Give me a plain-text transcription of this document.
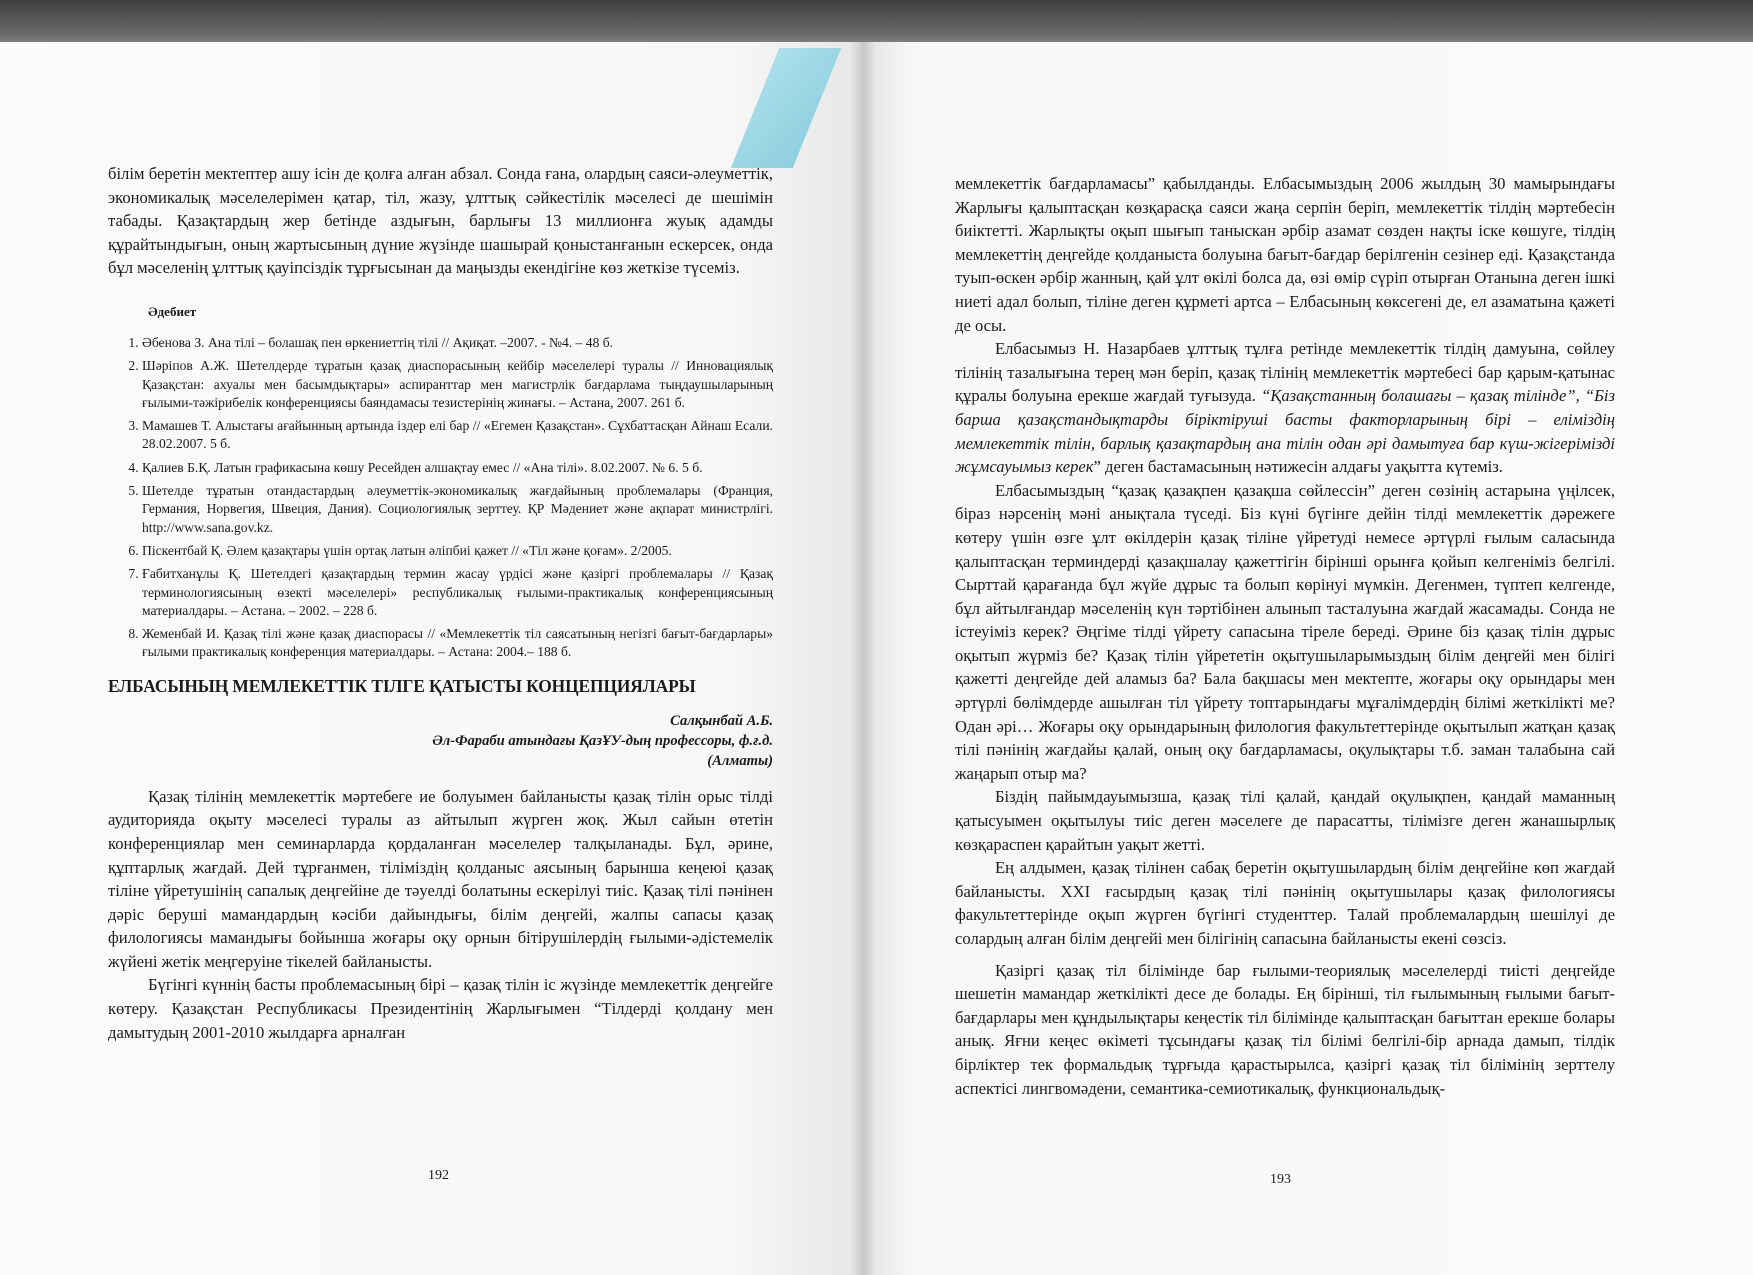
білім беретін мектептер ашу ісін де қолға алған абзал. Сонда ғана, олардың саяси-әлеуметтік, экономикалық мәселелерімен қатар, тіл, жазу, ұлттық сәйкестілік мәселесі де шешімін табады. Қазақтардың жер бетінде аздығын, барлығы 13 миллионға жуық адамды құрайтындығын, оның жартысының дүние жүзінде шашырай қоныстанғанын ескерсек, онда бұл мәселенің ұлттық қауіпсіздік тұрғысынан да маңызды екендігіне көз жеткізе түсеміз.

Әдебиет
1. Әбенова З. Ана тілі – болашақ пен өркениеттің тілі // Ақиқат. –2007. - №4. – 48 б.
2. Шәріпов А.Ж. Шетелдерде тұратын қазақ диаспорасының кейбір мәселелері туралы // Инновациялық Қазақстан: ахуалы мен басымдықтары» аспиранттар мен магистрлік бағдарлама тыңдаушыларының ғылыми-тәжірибелік конференциясы баяндамасы тезистерінің жинағы. – Астана, 2007. 261 б.
3. Мамашев Т. Алыстағы ағайынның артында іздер елі бар // «Егемен Қазақстан». Сұхбаттасқан Айнаш Есали. 28.02.2007. 5 б.
4. Қалиев Б.Қ. Латын графикасына көшу Ресейден алшақтау емес // «Ана тілі». 8.02.2007. № 6. 5 б.
5. Шетелде тұратын отандастардың әлеуметтік-экономикалық жағдайының проблемалары (Франция, Германия, Норвегия, Швеция, Дания). Социологиялық зерттеу. ҚР Мәдениет және ақпарат министрлігі. http://www.sana.gov.kz.
6. Піскентбай Қ. Әлем қазақтары үшін ортақ латын әліпбиі қажет // «Тіл және қоғам». 2/2005.
7. Ғабитханұлы Қ. Шетелдегі қазақтардың термин жасау үрдісі және қазіргі проблемалары // Қазақ терминологиясының өзекті мәселелері» республикалық ғылыми-практикалық конференциясының материалдары. – Астана. – 2002. – 228 б.
8. Жеменбай И. Қазақ тілі және қазақ диаспорасы // «Мемлекеттік тіл саясатының негізгі бағыт-бағдарлары» ғылыми практикалық конференция материалдары. – Астана: 2004.– 188 б.
ЕЛБАСЫНЫҢ МЕМЛЕКЕТТІК ТІЛГЕ ҚАТЫСТЫ КОНЦЕПЦИЯЛАРЫ
Салқынбай А.Б.
Әл-Фараби атындағы ҚазҰУ-дың профессоры, ф.ғ.д.
(Алматы)

Қазақ тілінің мемлекеттік мәртебеге ие болуымен байланысты қазақ тілін орыс тілді аудиторияда оқыту мәселесі туралы аз айтылып жүрген жоқ. Жыл сайын өтетін конференциялар мен семинарларда қордаланған мәселелер талқыланады. Бұл, әрине, құптарлық жағдай. Дей тұрғанмен, тіліміздің қолданыс аясының барынша кеңеюі қазақ тіліне үйретушінің сапалық деңгейіне де тәуелді болатыны ескерілуі тиіс. Қазақ тілі пәнінен дәріс берушi мамандардың кәсіби дайындығы, білім деңгейі, жалпы сапасы қазақ филологиясы мамандығы бойынша жоғары оқу орнын бітірушілердің ғылыми-әдістемелік жүйені жетік меңгеруіне тікелей байланысты.

Бүгінгі күннің басты проблемасының бірі – қазақ тілін іс жүзінде мемлекеттік деңгейге көтеру. Қазақстан Республикасы Президентінің Жарлығымен “Тілдерді қолдану мен дамытудың 2001-2010 жылдарға арналған

192

мемлекеттік бағдарламасы” қабылданды. Елбасымыздың 2006 жылдың 30 мамырындағы Жарлығы қалыптасқан көзқарасқа саяси жаңа серпін беріп, мемлекеттік тілдің мәртебесін биіктетті. Жарлықты оқып шығып таныскан әрбір азамат сөзден нақты іске көшуге, тілдің мемлекеттің деңгейде қолданыста болуына бағыт-бағдар берілгенін сезінер еді. Қазақстанда туып-өскен әрбір жанның, қай ұлт өкілі болса да, өзі өмір сүріп отырған Отанына деген ішкі ниеті адал болып, тіліне деген құрметі артса – Елбасының көксегені де, ел азаматына қажеті де осы.

Елбасымыз Н. Назарбаев ұлттық тұлға ретінде мемлекеттік тілдің дамуына, сөйлеу тілінің тазалығына терең мән беріп, қазақ тілінің мемлекеттік мәртебесі бар қарым-қатынас құралы болуына ерекше жағдай туғызуда. “Қазақстанның болашағы – қазақ тілінде”, “Біз барша қазақстандықтарды біріктіруші басты факторларының бірі – еліміздің мемлекеттік тілін, барлық қазақтардың ана тілін одан әрі дамытуға бар күш-жігерімізді жұмсауымыз керек” деген бастамасының нәтижесін алдағы уақытта күтеміз.

Елбасымыздың “қазақ қазақпен қазақша сөйлессін” деген сөзінің астарына үңілсек, біраз нәрсенің мәні анықтала түседі. Біз күні бүгінге дейін тілді мемлекеттік дәрежеге көтеру үшін өзге ұлт өкілдерін қазақ тіліне үйретуді немесе әртүрлі ғылым саласында қалыптасқан терминдерді қазақшалау қажеттігін бірінші орынға қойып келгеніміз белгілі. Сырттай қарағанда бұл жүйе дұрыс та болып көрінуі мүмкін. Дегенмен, түптеп келгенде, бұл айтылғандар мәселенің күн тәртібінен алынып тасталуына жағдай жасамады. Сонда не істеуіміз керек? Әңгіме тілді үйрету сапасына тіреле береді. Әрине біз қазақ тілін дұрыс оқытып жүрміз бе? Қазақ тілін үйрететін оқытушыларымыздың білім деңгейі мен білігі қажетті деңгейде дей аламыз ба? Бала бақшасы мен мектепте, жоғары оқу орындары мен әртүрлі бөлімдерде ашылған тіл үйрету топтарындағы мұғалімдердің білімі жеткілікті ме? Одан әрі… Жоғары оқу орындарының филология факультеттерінде оқытылып жатқан қазақ тілі пәнінің жағдайы қалай, оның оқу бағдарламасы, оқулықтары т.б. заман талабына сай жаңарып отыр ма?

Біздің пайымдауымызша, қазақ тілі қалай, қандай оқулықпен, қандай маманның қатысуымен оқытылуы тиіс деген мәселеге де парасатты, тілімізге деген жанашырлық көзқараспен қарайтын уақыт жетті.

Ең алдымен, қазақ тілінен сабақ беретін оқытушылардың білім деңгейіне көп жағдай байланысты. XXI ғасырдың қазақ тілі пәнінің оқытушылары қазақ филологиясы факультеттерінде оқып жүрген бүгінгі студенттер. Талай проблемалардың шешілуі де солардың алған білім деңгейі мен білігінің сапасына байланысты екені сөзсіз.

Қазіргі қазақ тіл білімінде бар ғылыми-теориялық мәселелерді тиісті деңгейде шешетін мамандар жеткілікті десе де болады. Ең біріншi, тіл ғылымының ғылыми бағыт-бағдарлары мен құндылықтары кеңестік тіл білімінде қалыптасқан бағыттан ерекше болары анық. Яғни кеңес өкіметі тұсындағы қазақ тіл білімі белгілі-бір арнада дамып, тілдік бірліктер тек формальдық тұрғыда қарастырылса, қазіргі қазақ тіл білімінің зерттелу аспектісі лингвомәдени, семантика-семиотикалық, функциональдық-

193
